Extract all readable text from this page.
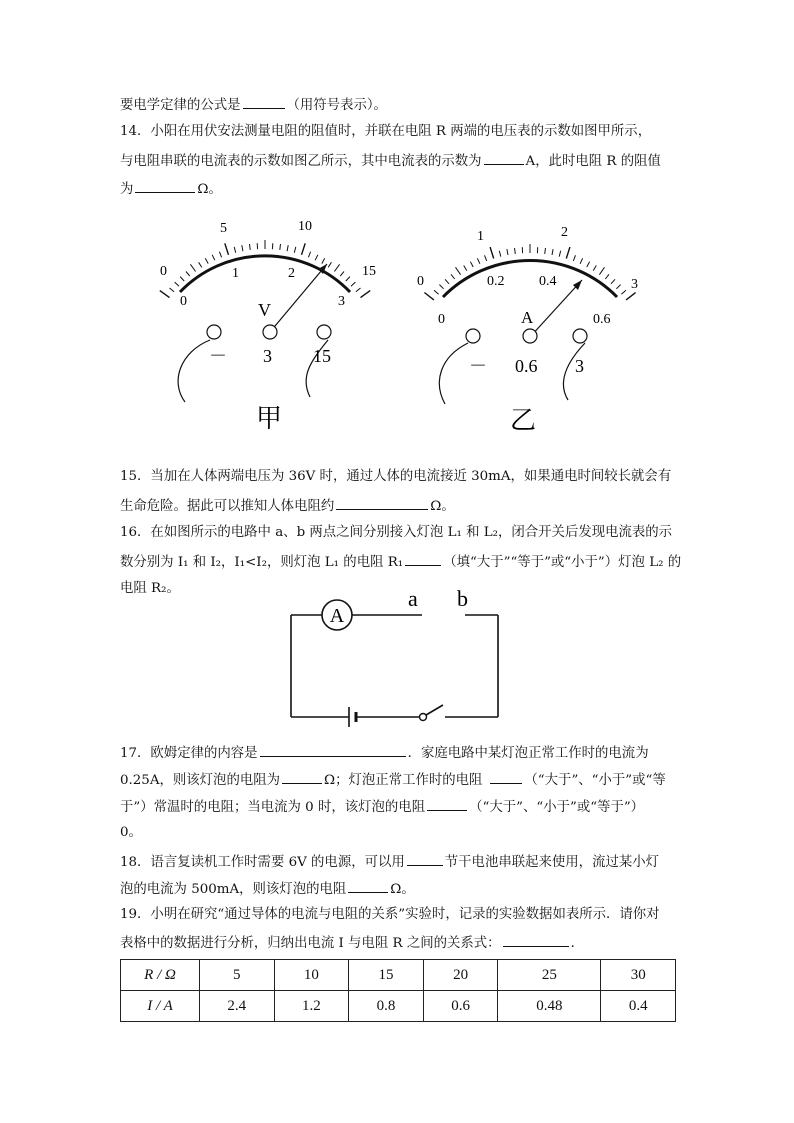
要电学定律的公式是	（用符号表示）。
14．小阳在用伏安法测量电阻的阻值时，并联在电阻 R 两端的电压表的示数如图甲所示，
与电阻串联的电流表的示数如图乙所示，其中电流表的示数为	A，此时电阻 R 的阻值
为	Ω。
0
5	10
15
0
1	2
3
V
－ 3 15
甲
0
1	2
3
0
0.2 0.4
0.6
A
－ 0.6 3
乙
15．当加在人体两端电压为 36V 时，通过人体的电流接近 30mA，如果通电时间较长就会有
生命危险。据此可以推知人体电阻约	Ω。
16．在如图所示的电路中 a、b 两点之间分别接入灯泡 L₁ 和 L₂，闭合开关后发现电流表的示
数分别为 I₁ 和 I₂，I₁<I₂，则灯泡 L₁ 的电阻 R₁	（填“大于”“等于”或“小于”）灯泡 L₂ 的
电阻 R₂。
A
a b
17．欧姆定律的内容是	．家庭电路中某灯泡正常工作时的电流为
0.25A，则该灯泡的电阻为	Ω；灯泡正常工作时的电阻	（“大于”、“小于”或“等
于”）常温时的电阻；当电流为 0 时，该灯泡的电阻	（“大于”、“小于”或“等于”）
0。
18．语言复读机工作时需要 6V 的电源，可以用	节干电池串联起来使用，流过某小灯
泡的电流为 500mA，则该灯泡的电阻	Ω。
19．小明在研究“通过导体的电流与电阻的关系”实验时，记录的实验数据如表所示．请你对
表格中的数据进行分析，归纳出电流 I 与电阻 R 之间的关系式：	．
R / Ω	5	10	15	20	25	30
I / A	2.4	1.2	0.8	0.6	0.48	0.4
